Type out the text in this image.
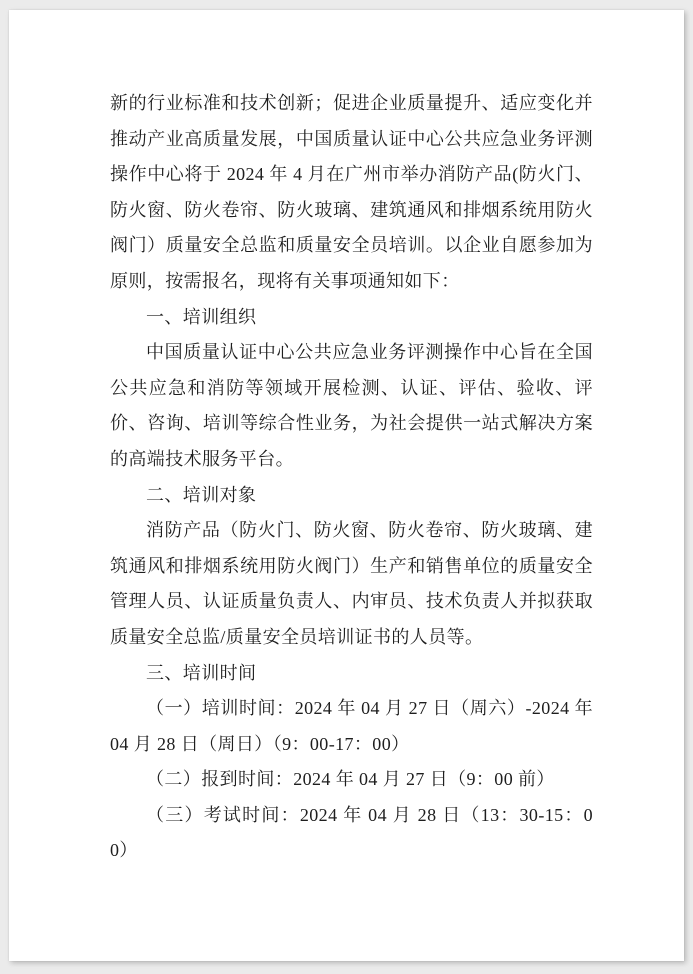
新的行业标准和技术创新；促进企业质量提升、适应变化并推动产业高质量发展，中国质量认证中心公共应急业务评测操作中心将于 2024 年 4 月在广州市举办消防产品(防火门、防火窗、防火卷帘、防火玻璃、建筑通风和排烟系统用防火阀门）质量安全总监和质量安全员培训。以企业自愿参加为原则，按需报名，现将有关事项通知如下：

一、培训组织

中国质量认证中心公共应急业务评测操作中心旨在全国公共应急和消防等领域开展检测、认证、评估、验收、评价、咨询、培训等综合性业务，为社会提供一站式解决方案的高端技术服务平台。

二、培训对象

消防产品（防火门、防火窗、防火卷帘、防火玻璃、建筑通风和排烟系统用防火阀门）生产和销售单位的质量安全管理人员、认证质量负责人、内审员、技术负责人并拟获取质量安全总监/质量安全员培训证书的人员等。

三、培训时间

（一）培训时间：2024 年 04 月 27 日（周六）-2024 年 04 月 28 日（周日）（9：00-17：00）

（二）报到时间：2024 年 04 月 27 日（9：00 前）

（三）考试时间：2024 年 04 月 28 日（13：30-15：00）
